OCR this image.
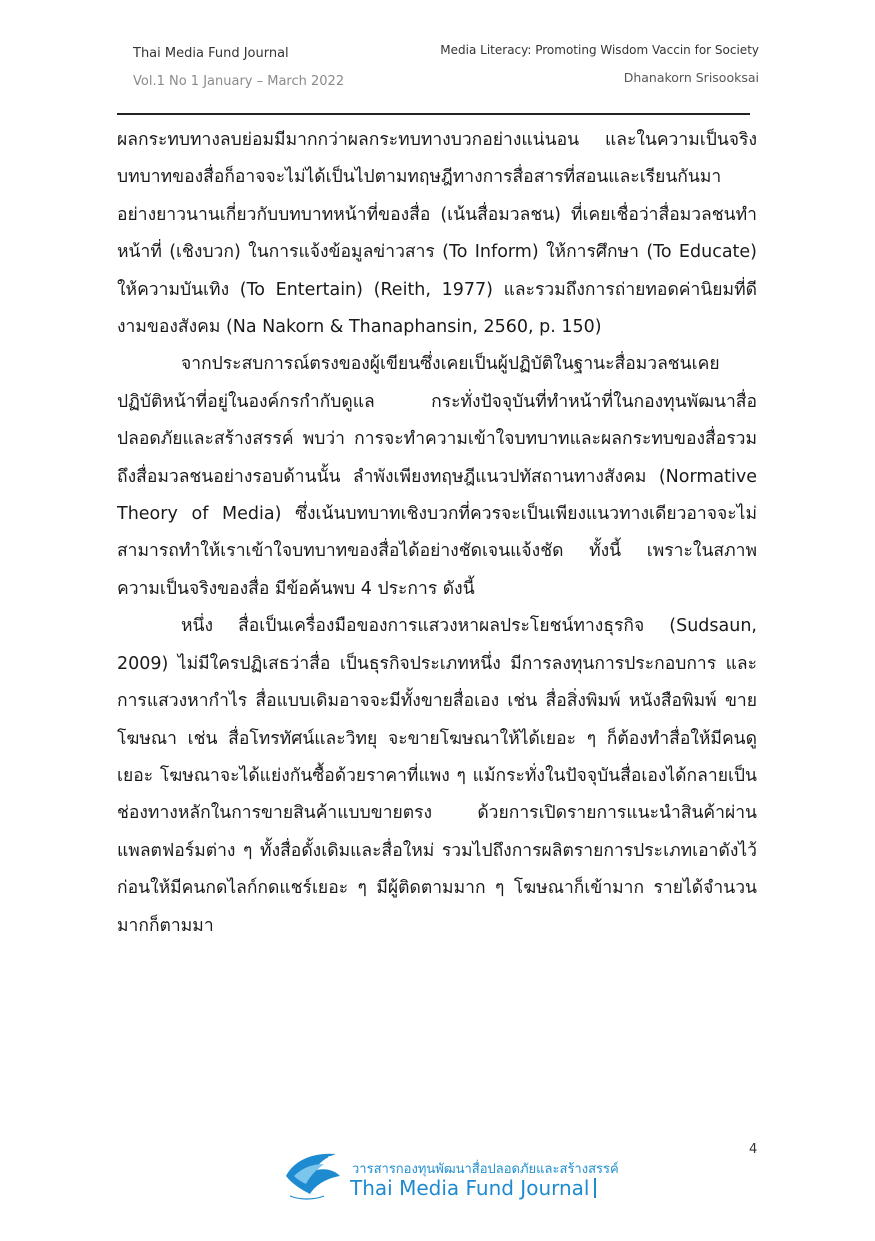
Thai Media Fund Journal
Vol.1 No 1 January – March 2022
Media Literacy: Promoting Wisdom Vaccin for Society
Dhanakorn Srisooksai

ผลกระทบทางลบย่อมมีมากกว่าผลกระทบทางบวกอย่างแน่นอน และในความเป็นจริงบทบาทของสื่อก็อาจจะไม่ได้เป็นไปตามทฤษฎีทางการสื่อสารที่สอนและเรียนกันมาอย่างยาวนานเกี่ยวกับบทบาทหน้าที่ของสื่อ (เน้นสื่อมวลชน) ที่เคยเชื่อว่าสื่อมวลชนทำหน้าที่ (เชิงบวก) ในการแจ้งข้อมูลข่าวสาร (To Inform) ให้การศึกษา (To Educate) ให้ความบันเทิง (To Entertain) (Reith, 1977) และรวมถึงการถ่ายทอดค่านิยมที่ดีงามของสังคม (Na Nakorn & Thanaphansin, 2560, p. 150)

จากประสบการณ์ตรงของผู้เขียนซึ่งเคยเป็นผู้ปฏิบัติในฐานะสื่อมวลชนเคยปฏิบัติหน้าที่อยู่ในองค์กรกำกับดูแล กระทั่งปัจจุบันที่ทำหน้าที่ในกองทุนพัฒนาสื่อปลอดภัยและสร้างสรรค์ พบว่า การจะทำความเข้าใจบทบาทและผลกระทบของสื่อรวมถึงสื่อมวลชนอย่างรอบด้านนั้น ลำพังเพียงทฤษฎีแนวปทัสถานทางสังคม (Normative Theory of Media) ซึ่งเน้นบทบาทเชิงบวกที่ควรจะเป็นเพียงแนวทางเดียวอาจจะไม่สามารถทำให้เราเข้าใจบทบาทของสื่อได้อย่างชัดเจนแจ้งชัด ทั้งนี้ เพราะในสภาพความเป็นจริงของสื่อ มีข้อค้นพบ 4 ประการ ดังนี้

หนึ่ง สื่อเป็นเครื่องมือของการแสวงหาผลประโยชน์ทางธุรกิจ (Sudsaun, 2009) ไม่มีใครปฏิเสธว่าสื่อ เป็นธุรกิจประเภทหนึ่ง มีการลงทุนการประกอบการ และการแสวงหากำไร สื่อแบบเดิมอาจจะมีทั้งขายสื่อเอง เช่น สื่อสิ่งพิมพ์ หนังสือพิมพ์ ขายโฆษณา เช่น สื่อโทรทัศน์และวิทยุ จะขายโฆษณาให้ได้เยอะ ๆ ก็ต้องทำสื่อให้มีคนดูเยอะ โฆษณาจะได้แย่งกันซื้อด้วยราคาที่แพง ๆ แม้กระทั่งในปัจจุบันสื่อเองได้กลายเป็นช่องทางหลักในการขายสินค้าแบบขายตรง ด้วยการเปิดรายการแนะนำสินค้าผ่านแพลตฟอร์มต่าง ๆ ทั้งสื่อดั้งเดิมและสื่อใหม่ รวมไปถึงการผลิตรายการประเภทเอาดังไว้ก่อนให้มีคนกดไลก์กดแชร์เยอะ ๆ มีผู้ติดตามมาก ๆ โฆษณาก็เข้ามาก รายได้จำนวนมากก็ตามมา

4
วารสารกองทุนพัฒนาสื่อปลอดภัยและสร้างสรรค์
Thai Media Fund Journal
